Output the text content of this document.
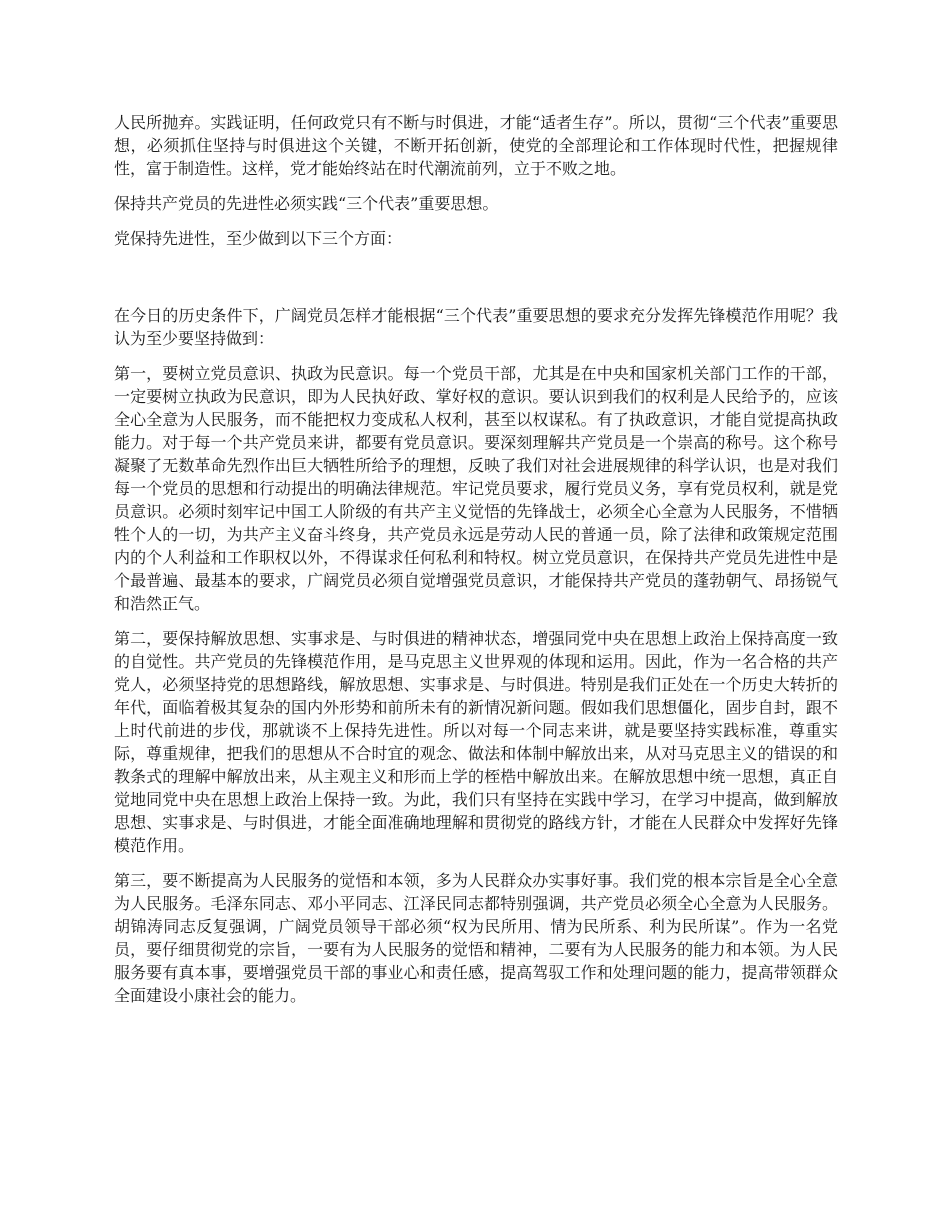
人民所抛弃。实践证明，任何政党只有不断与时俱进，才能“适者生存”。所以，贯彻“三个代表”重要思想，必须抓住坚持与时俱进这个关键，不断开拓创新，使党的全部理论和工作体现时代性，把握规律性，富于制造性。这样，党才能始终站在时代潮流前列，立于不败之地。

保持共产党员的先进性必须实践“三个代表”重要思想。

党保持先进性，至少做到以下三个方面：

在今日的历史条件下，广阔党员怎样才能根据“三个代表”重要思想的要求充分发挥先锋模范作用呢？我认为至少要坚持做到：

第一，要树立党员意识、执政为民意识。每一个党员干部，尤其是在中央和国家机关部门工作的干部，一定要树立执政为民意识，即为人民执好政、掌好权的意识。要认识到我们的权利是人民给予的，应该全心全意为人民服务，而不能把权力变成私人权利，甚至以权谋私。有了执政意识，才能自觉提高执政能力。对于每一个共产党员来讲，都要有党员意识。要深刻理解共产党员是一个崇高的称号。这个称号凝聚了无数革命先烈作出巨大牺牲所给予的理想，反映了我们对社会进展规律的科学认识，也是对我们每一个党员的思想和行动提出的明确法律规范。牢记党员要求，履行党员义务，享有党员权利，就是党员意识。必须时刻牢记中国工人阶级的有共产主义觉悟的先锋战士，必须全心全意为人民服务，不惜牺牲个人的一切，为共产主义奋斗终身，共产党员永远是劳动人民的普通一员，除了法律和政策规定范围内的个人利益和工作职权以外，不得谋求任何私利和特权。树立党员意识，在保持共产党员先进性中是个最普遍、最基本的要求，广阔党员必须自觉增强党员意识，才能保持共产党员的蓬勃朝气、昂扬锐气和浩然正气。

第二，要保持解放思想、实事求是、与时俱进的精神状态，增强同党中央在思想上政治上保持高度一致的自觉性。共产党员的先锋模范作用，是马克思主义世界观的体现和运用。因此，作为一名合格的共产党人，必须坚持党的思想路线，解放思想、实事求是、与时俱进。特别是我们正处在一个历史大转折的年代，面临着极其复杂的国内外形势和前所未有的新情况新问题。假如我们思想僵化，固步自封，跟不上时代前进的步伐，那就谈不上保持先进性。所以对每一个同志来讲，就是要坚持实践标准，尊重实际，尊重规律，把我们的思想从不合时宜的观念、做法和体制中解放出来，从对马克思主义的错误的和教条式的理解中解放出来，从主观主义和形而上学的桎梏中解放出来。在解放思想中统一思想，真正自觉地同党中央在思想上政治上保持一致。为此，我们只有坚持在实践中学习，在学习中提高，做到解放思想、实事求是、与时俱进，才能全面准确地理解和贯彻党的路线方针，才能在人民群众中发挥好先锋模范作用。

第三，要不断提高为人民服务的觉悟和本领，多为人民群众办实事好事。我们党的根本宗旨是全心全意为人民服务。毛泽东同志、邓小平同志、江泽民同志都特别强调，共产党员必须全心全意为人民服务。胡锦涛同志反复强调，广阔党员领导干部必须“权为民所用、情为民所系、利为民所谋”。作为一名党员，要仔细贯彻党的宗旨，一要有为人民服务的觉悟和精神，二要有为人民服务的能力和本领。为人民服务要有真本事，要增强党员干部的事业心和责任感，提高驾驭工作和处理问题的能力，提高带领群众全面建设小康社会的能力。
